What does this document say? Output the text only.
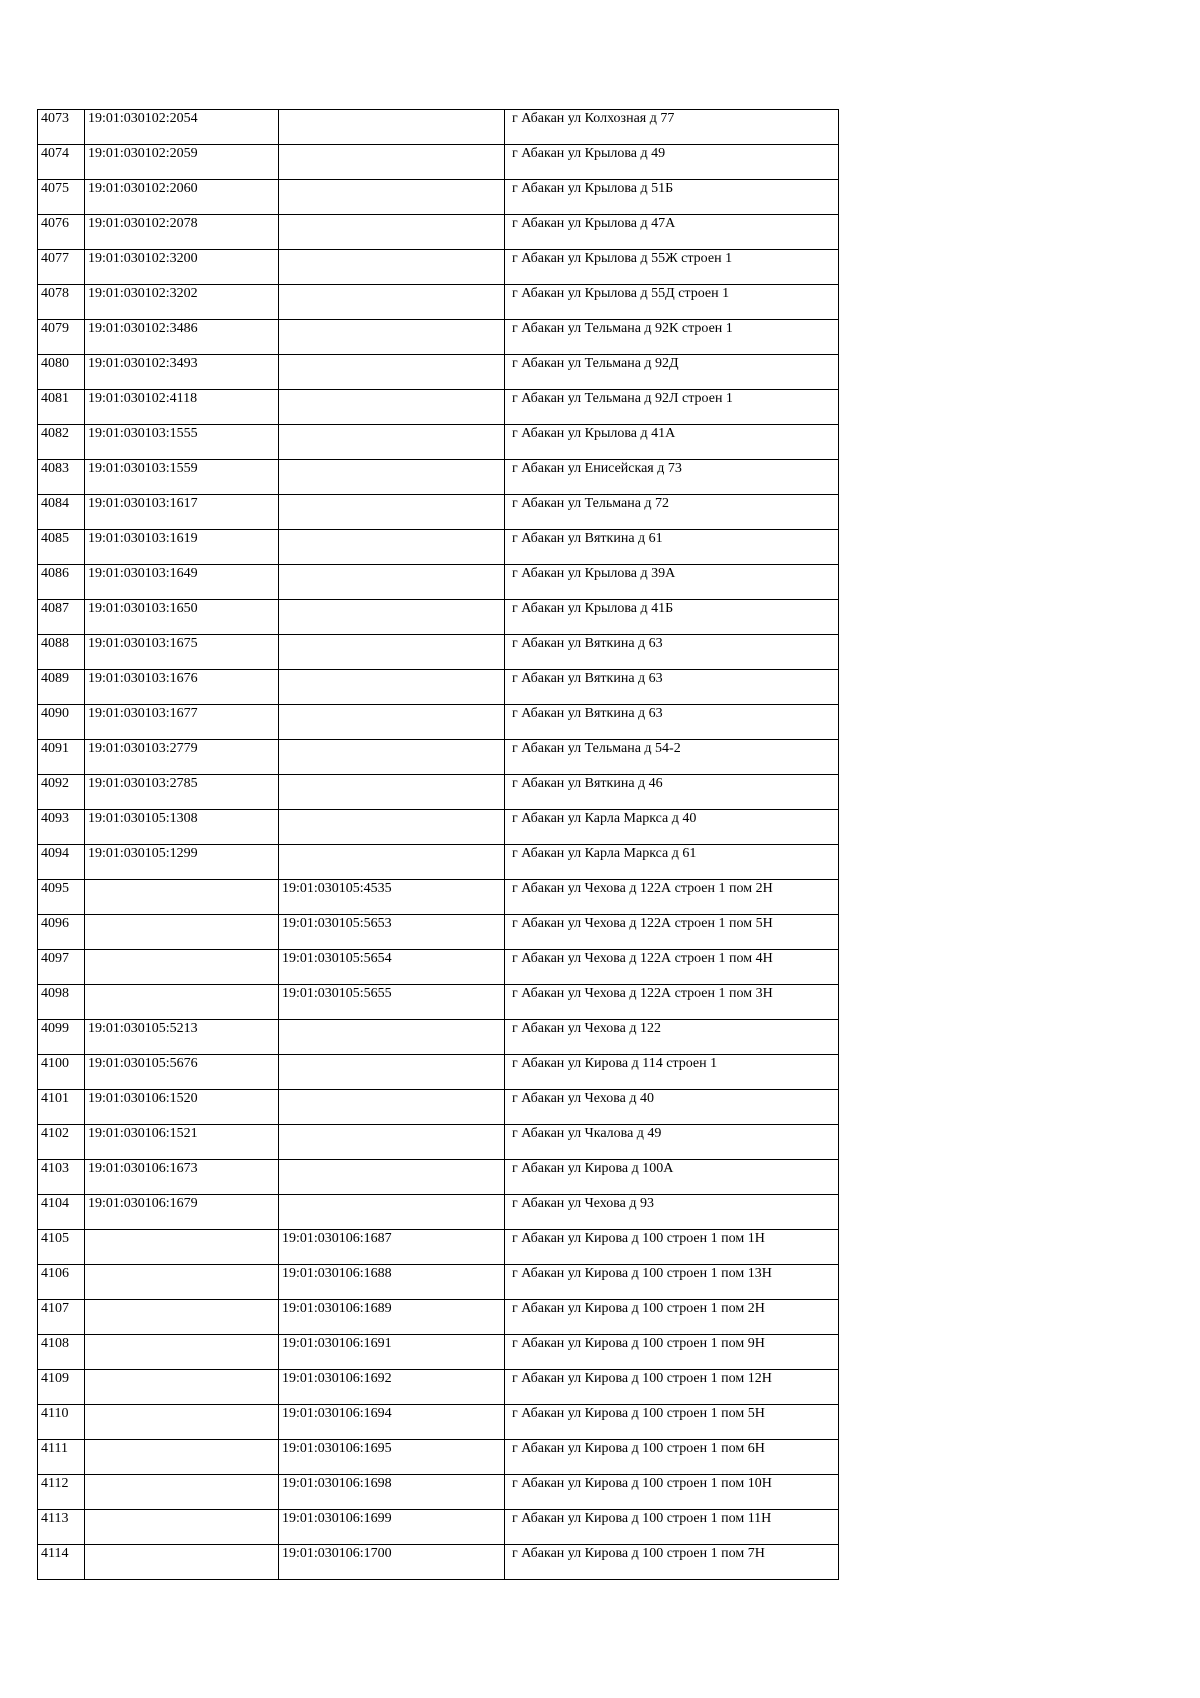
4073	19:01:030102:2054		г Абакан ул Колхозная д 77
4074	19:01:030102:2059		г Абакан ул Крылова д 49
4075	19:01:030102:2060		г Абакан ул Крылова д 51Б
4076	19:01:030102:2078		г Абакан ул Крылова д 47А
4077	19:01:030102:3200		г Абакан ул Крылова д 55Ж строен 1
4078	19:01:030102:3202		г Абакан ул Крылова д 55Д строен 1
4079	19:01:030102:3486		г Абакан ул Тельмана д 92К строен 1
4080	19:01:030102:3493		г Абакан ул Тельмана д 92Д
4081	19:01:030102:4118		г Абакан ул Тельмана д 92Л строен 1
4082	19:01:030103:1555		г Абакан ул Крылова д 41А
4083	19:01:030103:1559		г Абакан ул Енисейская д 73
4084	19:01:030103:1617		г Абакан ул Тельмана д 72
4085	19:01:030103:1619		г Абакан ул Вяткина д 61
4086	19:01:030103:1649		г Абакан ул Крылова д 39А
4087	19:01:030103:1650		г Абакан ул Крылова д 41Б
4088	19:01:030103:1675		г Абакан ул Вяткина д 63
4089	19:01:030103:1676		г Абакан ул Вяткина д 63
4090	19:01:030103:1677		г Абакан ул Вяткина д 63
4091	19:01:030103:2779		г Абакан ул Тельмана д 54-2
4092	19:01:030103:2785		г Абакан ул Вяткина д 46
4093	19:01:030105:1308		г Абакан ул Карла Маркса д 40
4094	19:01:030105:1299		г Абакан ул Карла Маркса д 61
4095		19:01:030105:4535	г Абакан ул Чехова д 122А строен 1 пом 2Н
4096		19:01:030105:5653	г Абакан ул Чехова д 122А строен 1 пом 5Н
4097		19:01:030105:5654	г Абакан ул Чехова д 122А строен 1 пом 4Н
4098		19:01:030105:5655	г Абакан ул Чехова д 122А строен 1 пом 3Н
4099	19:01:030105:5213		г Абакан ул Чехова д 122
4100	19:01:030105:5676		г Абакан ул Кирова д 114 строен 1
4101	19:01:030106:1520		г Абакан ул Чехова д 40
4102	19:01:030106:1521		г Абакан ул Чкалова д 49
4103	19:01:030106:1673		г Абакан ул Кирова д 100А
4104	19:01:030106:1679		г Абакан ул Чехова д 93
4105		19:01:030106:1687	г Абакан ул Кирова д 100 строен 1 пом 1Н
4106		19:01:030106:1688	г Абакан ул Кирова д 100 строен 1 пом 13Н
4107		19:01:030106:1689	г Абакан ул Кирова д 100 строен 1 пом 2Н
4108		19:01:030106:1691	г Абакан ул Кирова д 100 строен 1 пом 9Н
4109		19:01:030106:1692	г Абакан ул Кирова д 100 строен 1 пом 12Н
4110		19:01:030106:1694	г Абакан ул Кирова д 100 строен 1 пом 5Н
4111		19:01:030106:1695	г Абакан ул Кирова д 100 строен 1 пом 6Н
4112		19:01:030106:1698	г Абакан ул Кирова д 100 строен 1 пом 10Н
4113		19:01:030106:1699	г Абакан ул Кирова д 100 строен 1 пом 11Н
4114		19:01:030106:1700	г Абакан ул Кирова д 100 строен 1 пом 7Н
